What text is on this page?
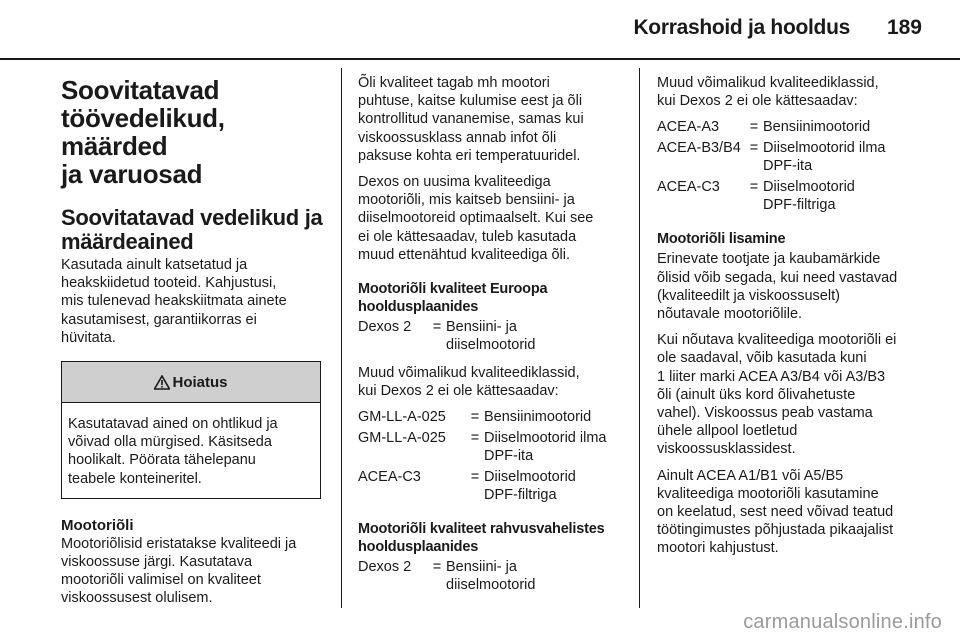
Korrashoid ja hooldus 189
Soovitatavad
töövedelikud, määrded
ja varuosad
Soovitatavad vedelikud ja
määrdeained
Kasutada ainult katsetatud ja
heakskiidetud tooteid. Kahjustusi,
mis tulenevad heakskiitmata ainete
kasutamisest, garantiikorras ei
hüvitata.
Hoiatus
Kasutatavad ained on ohtlikud ja
võivad olla mürgised. Käsitseda
hoolikalt. Pöörata tähelepanu
teabele konteineritel.
Mootoriõli
Mootoriõlisid eristatakse kvaliteedi ja
viskoossuse järgi. Kasutatava
mootoriõli valimisel on kvaliteet
viskoossusest olulisem.
Õli kvaliteet tagab mh mootori
puhtuse, kaitse kulumise eest ja õli
kontrollitud vananemise, samas kui
viskoossusklass annab infot õli
paksuse kohta eri temperatuuridel.
Dexos on uusima kvaliteediga
mootoriõli, mis kaitseb bensiini- ja
diiselmootoreid optimaalselt. Kui see
ei ole kättesaadav, tuleb kasutada
muud ettenähtud kvaliteediga õli.
Mootoriõli kvaliteet Euroopa
hooldusplaanides
Dexos 2	= Bensiini- ja
diiselmootorid
Muud võimalikud kvaliteediklassid,
kui Dexos 2 ei ole kättesaadav:
GM-LL-A-025	= Bensiinimootorid
GM-LL-A-025	= Diiselmootorid ilma
DPF-ita
ACEA-C3	= Diiselmootorid
DPF-filtriga
Mootoriõli kvaliteet rahvusvahelistes
hooldusplaanides
Dexos 2	= Bensiini- ja
diiselmootorid
Muud võimalikud kvaliteediklassid,
kui Dexos 2 ei ole kättesaadav:
ACEA-A3	= Bensiinimootorid
ACEA-B3/B4 = Diiselmootorid ilma
DPF-ita
ACEA-C3	= Diiselmootorid
DPF-filtriga
Mootoriõli lisamine
Erinevate tootjate ja kaubamärkide
õlisid võib segada, kui need vastavad
(kvaliteedilt ja viskoossuselt)
nõutavale mootoriõlile.
Kui nõutava kvaliteediga mootoriõli ei
ole saadaval, võib kasutada kuni
1 liiter marki ACEA A3/B4 või A3/B3
õli (ainult üks kord õlivahetuste
vahel). Viskoossus peab vastama
ühele allpool loetletud
viskoossusklassidest.
Ainult ACEA A1/B1 või A5/B5
kvaliteediga mootoriõli kasutamine
on keelatud, sest need võivad teatud
töötingimustes põhjustada pikaajalist
mootori kahjustust.
carmanualsonline.info
